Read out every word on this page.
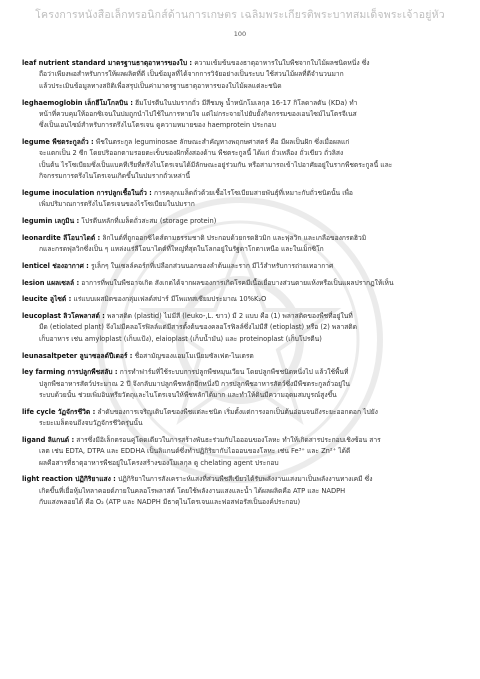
โครงการหนังสือเล็กทรอนิกส์ด้านการเกษตร เฉลิมพระเกียรติพระบาทสมเด็จพระเจ้าอยู่หัว
100
leaf nutrient standard มาตรฐานธาตุอาหารของใบ : ความเข้มข้นของธาตุอาหารในใบพืชจากใบไม้ผลชนิดหนึ่ง ซึ่ง
ถือว่าเพียงพอสำหรับการให้ผลผลิตที่ดี เป็นข้อมูลที่ได้จากการวิจัยอย่างเป็นระบบ ใช้สวนไม้ผลที่ดีจำนวนมาก
แล้วประเมินข้อมูลทางสถิติเพื่อสรุปเป็นค่ามาตรฐานธาตุอาหารของใบไม้ผลแต่ละชนิด
leghaemoglobin เล็กฮีโมโกลบิน : ฮีมโปรตีนในปมรากถั่ว มีสีชมพู น้ำหนักโมเลกุล 16-17 กิโลดาลตัน (KDa) ทำ
หน้าที่ควบคุมให้ออกซิเจนในปมถูกนำไปใช้ในการหายใจ แต่ไม่กระจายไปยับยั้งกิจกรรมของเอนไซม์ไนโตรจีเนส
ซึ่งเป็นเอนไซม์สำหรับการตรึงไนโตรเจน ดูความหมายของ haemprotein ประกอบ
legume พืชตระกูลถั่ว : พืชในตระกูล leguminosae ลักษณะสำคัญทางพฤกษศาสตร์ คือ มีผลเป็นฝัก ซึ่งเมื่อผลแก่
จะแตกเป็น 2 ซีก โดยปริออกตามรอยตะเข็บของฝักทั้งสองด้าน พืชตระกูลนี้ ได้แก่ ถั่วเหลือง ถั่วเขียว ถั่วลิสง
เป็นต้น ไรโซเบียมซึ่งเป็นแบคทีเรียที่ตรึงไนโตรเจนได้มีลักษณะอยู่ร่วมกัน หรือสามารถเข้าไปอาศัยอยู่ในรากพืชตระกูลนี้ และ
กิจกรรมการตรึงไนโตรเจนเกิดขึ้นในปมรากถั่วเหล่านี้
legume inoculation การปลูกเชื้อในถั่ว : การคลุกเมล็ดถั่วด้วยเชื้อไรโซเบียมสายพันธุ์ที่เหมาะกับถั่วชนิดนั้น เพื่อ
เพิ่มปริมาณการตรึงไนโตรเจนของไรโซเบียมในปมราก
legumin เลกูมิน : โปรตีนหลักที่เมล็ดถั่วสะสม (storage protein)
leonardite ลีโอนาไดต์ : ลิกไนต์ที่ถูกออกซิไดส์ตามธรรมชาติ ประกอบด้วยกรดฮิวมิก และฟุลวิก และเกลือของกรดฮิวมิ
กและกรดฟุลวิกซึ่งเป็น ๆ แหล่งแร่ลีโอนาไดต์ที่ใหญ่ที่สุดในโลกอยู่ในรัฐดาโกตาเหนือ และในเม็กซิโก
lenticel ช่องอากาศ : รูเล็กๆ ในเซลล์คอร์กที่เปลือกส่วนนอกของลำต้นและราก มีไว้สำหรับการถ่ายเทอากาศ
lesion แผลเซลล์ : อาการที่พบในพืชอาจเกิด สังเกตได้จากผลของการเกิดโรคมีเนื้อเยื่อบางส่วนตายแห้งหรือเป็นแผลปรากฏให้เห็น
leucite ลูไซต์ : แร่แบบเผสมิตของกลุ่มเฟลด์สปาร์ มีโพแทสเซียมประมาณ 10%K₂O
leucoplast ลิวโคพลาสต์ : พลาสติด (plastid) ไม่มีสี (leuko-,L. ขาว) มี 2 แบบ คือ (1) พลาสติดของพืชที่อยู่ในที่
มืด (etiolated plant) จึงไม่มีคลอโรฟิลล์แต่มีสารตั้งต้นของคลอโรฟิลล์ซึ่งไม่มีสี (etioplast) หรือ (2) พลาสติด
เก็บอาหาร เช่น amyloplast (เก็บแป้ง), elaioplast (เก็บน้ำมัน) และ proteinoplast (เก็บโปรตีน)
leunasaltpeter ลูนาซอลต์ปีเตอร์ : ชื่อสามัญของแอมโมเนียมซัลเฟต-ไนเตรต
ley farming การปลูกพืชสลับ : การทำฟาร์มที่ใช้ระบบการปลูกพืชหมุนเวียน โดยปลูกพืชชนิดหนึ่งไป แล้วใช้พื้นที่
ปลูกพืชอาหารสัตว์ประมาณ 2 ปี จึงกลับมาปลูกพืชหลักอีกหนึ่งปี การปลูกพืชอาหารสัตว์ซึ่งมีพืชตระกูลถั่วอยู่ใน
ระบบด้วยนั้น ช่วยเพิ่มอินทรียวัตถุและไนโตรเจนให้พืชหลักได้มาก และทำให้ดินมีความอุดมสมบูรณ์สูงขึ้น
life cycle วัฏจักรชีวิต : ลำดับของการเจริญเติบโตของพืชแต่ละชนิด เริ่มตั้งแต่การงอกเป็นต้นอ่อนจนถึงระยะออกดอก ไปยัง
ระยะเมล็ดจนถึงจบวัฏจักรชีวิตรุ่นนั้น
ligand ลิแกนด์ : สารซึ่งมีอิเล็กตรอนคู่โดดเดียวในการสร้างพันธะร่วมกับไอออนของโลหะ ทำให้เกิดสารประกอบเชิงซ้อน สาร
เลต เช่น EDTA, DTPA และ EDDHA เป็นลิแกนด์ซึ่งทำปฏิกิริยากับไอออนของโลหะ เช่น Fe³⁺ และ Zn²⁺ ได้ดี
ผลคือสารที่ธาตุอาหารพืชอยู่ในโครงสร้างของโมเลกุล ดู chelating agent ประกอบ
light reaction ปฏิกิริยาแสง : ปฏิกิริยาในการสังเคราะห์แสงที่ส่วนพืชสีเขียวได้รับพลังงานแสงมาเป็นพลังงานทางเคมี ซึ่ง
เกิดขึ้นที่เยื่อหุ้มไทลาคอยด์ภายในคลอโรพลาสต์ โดยใช้พลังงานแสงและน้ำ ได้ผลผลิตคือ ATP และ NADPH
กับแสงพลอยได้ คือ O₂ (ATP และ NADPH มีธาตุไนโตรเจนและฟอสฟอรัสเป็นองค์ประกอบ)
